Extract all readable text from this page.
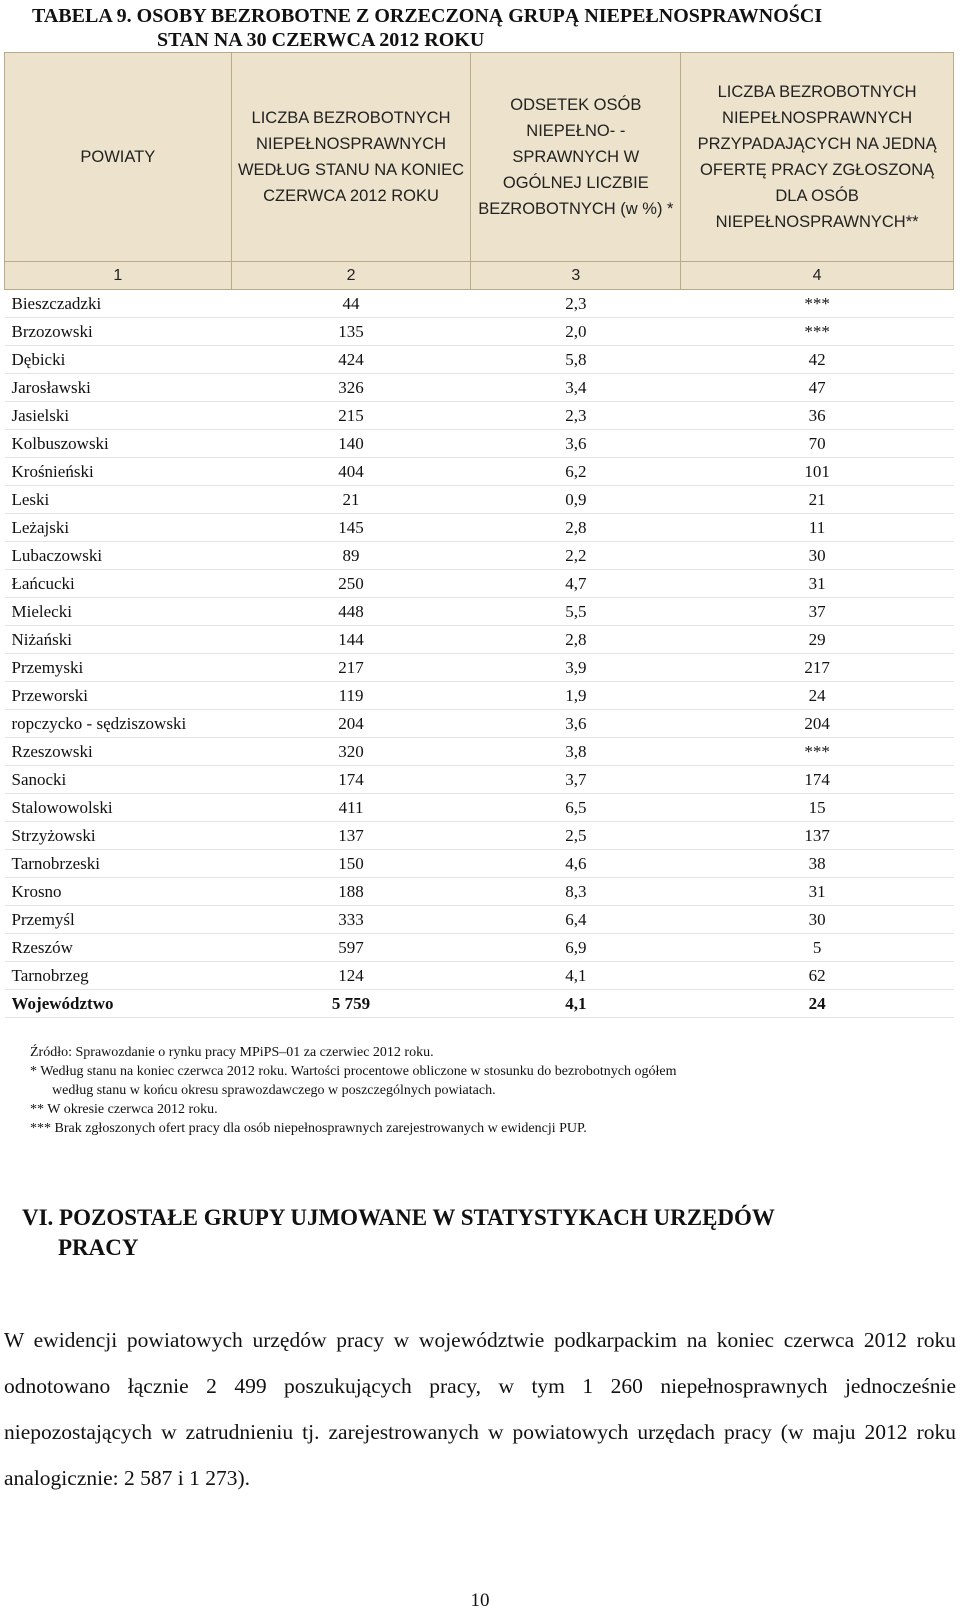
TABELA 9. OSOBY BEZROBOTNE Z ORZECZONĄ GRUPĄ NIEPEŁNOSPRAWNOŚCI
STAN NA 30 CZERWCA 2012 ROKU
POWIATY	LICZBA BEZROBOTNYCH NIEPEŁNOSPRAWNYCH WEDŁUG STANU NA KONIEC CZERWCA 2012 ROKU	ODSETEK OSÓB NIEPEŁNO- -SPRAWNYCH W OGÓLNEJ LICZBIE BEZROBOTNYCH (w %) *	LICZBA BEZROBOTNYCH NIEPEŁNOSPRAWNYCH PRZYPADAJĄCYCH NA JEDNĄ OFERTĘ PRACY ZGŁOSZONĄ DLA OSÓB NIEPEŁNOSPRAWNYCH**
1	2	3	4
Bieszczadzki	44	2,3	***
Brzozowski	135	2,0	***
Dębicki	424	5,8	42
Jarosławski	326	3,4	47
Jasielski	215	2,3	36
Kolbuszowski	140	3,6	70
Krośnieński	404	6,2	101
Leski	21	0,9	21
Leżajski	145	2,8	11
Lubaczowski	89	2,2	30
Łańcucki	250	4,7	31
Mielecki	448	5,5	37
Niżański	144	2,8	29
Przemyski	217	3,9	217
Przeworski	119	1,9	24
ropczycko - sędziszowski	204	3,6	204
Rzeszowski	320	3,8	***
Sanocki	174	3,7	174
Stalowowolski	411	6,5	15
Strzyżowski	137	2,5	137
Tarnobrzeski	150	4,6	38
Krosno	188	8,3	31
Przemyśl	333	6,4	30
Rzeszów	597	6,9	5
Tarnobrzeg	124	4,1	62
Województwo	5 759	4,1	24
Źródło: Sprawozdanie o rynku pracy MPiPS–01 za czerwiec 2012 roku.
* Według stanu na koniec czerwca 2012 roku. Wartości procentowe obliczone w stosunku do bezrobotnych ogółem
według stanu w końcu okresu sprawozdawczego w poszczególnych powiatach.
** W okresie czerwca 2012 roku.
*** Brak zgłoszonych ofert pracy dla osób niepełnosprawnych zarejestrowanych w ewidencji PUP.
VI. POZOSTAŁE GRUPY UJMOWANE W STATYSTYKACH URZĘDÓW
PRACY
W ewidencji powiatowych urzędów pracy w województwie podkarpackim na koniec czerwca 2012 roku odnotowano łącznie 2 499 poszukujących pracy, w tym 1 260 niepełnosprawnych jednocześnie niepozostających w zatrudnieniu tj. zarejestrowanych w powiatowych urzędach pracy (w maju 2012 roku analogicznie: 2 587 i 1 273).
10
